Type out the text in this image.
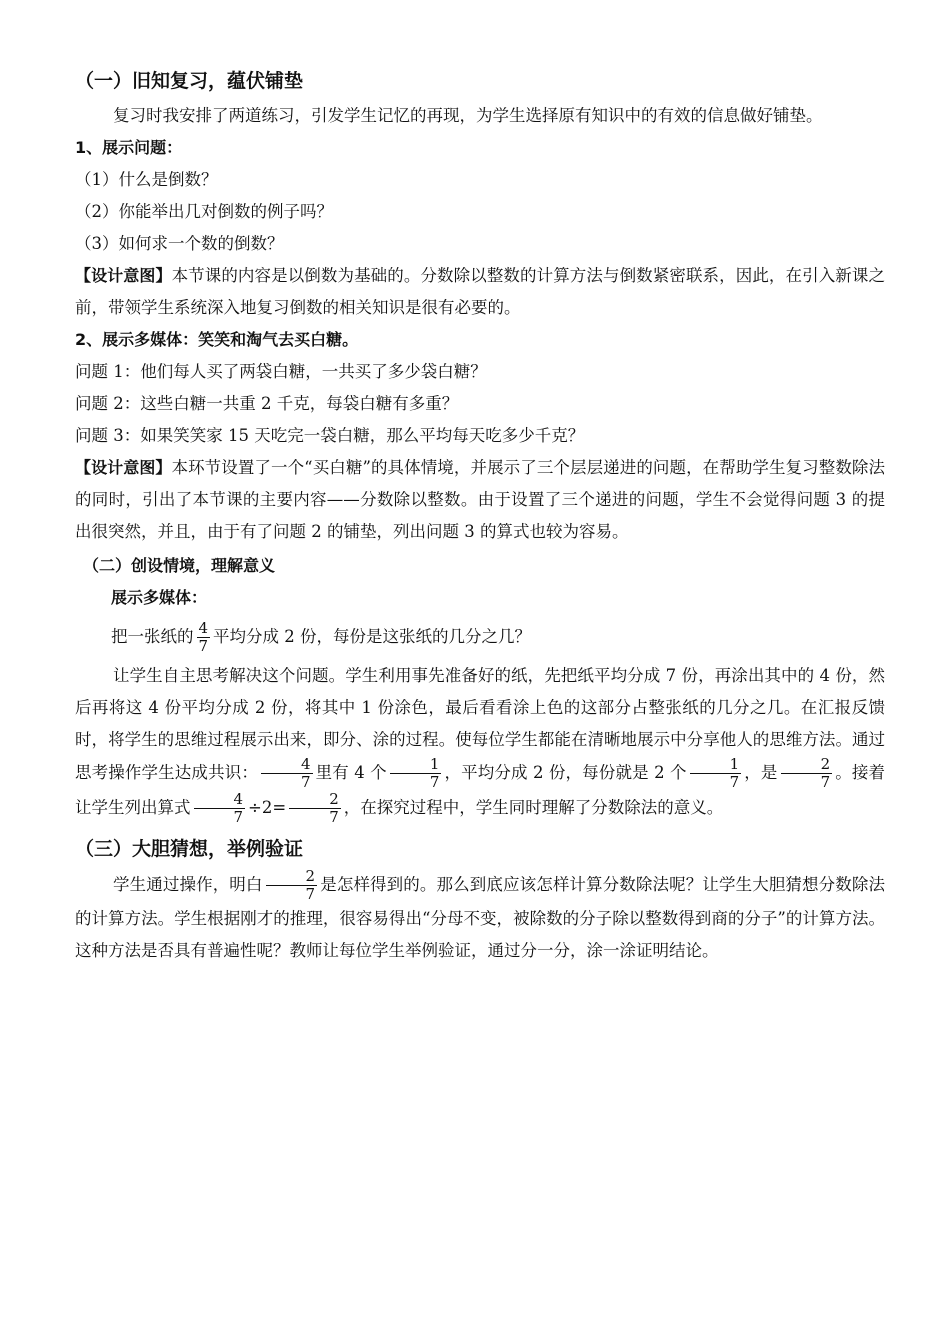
（一）旧知复习，蕴伏铺垫

复习时我安排了两道练习，引发学生记忆的再现，为学生选择原有知识中的有效的信息做好铺垫。

1、展示问题：

（1）什么是倒数？

（2）你能举出几对倒数的例子吗？

（3）如何求一个数的倒数？

【设计意图】本节课的内容是以倒数为基础的。分数除以整数的计算方法与倒数紧密联系，因此，在引入新课之前，带领学生系统深入地复习倒数的相关知识是很有必要的。

2、展示多媒体：笑笑和淘气去买白糖。

问题 1：他们每人买了两袋白糖，一共买了多少袋白糖？

问题 2：这些白糖一共重 2 千克，每袋白糖有多重？

问题 3：如果笑笑家 15 天吃完一袋白糖，那么平均每天吃多少千克？

【设计意图】本环节设置了一个“买白糖”的具体情境，并展示了三个层层递进的问题，在帮助学生复习整数除法的同时，引出了本节课的主要内容——分数除以整数。由于设置了三个递进的问题，学生不会觉得问题 3 的提出很突然，并且，由于有了问题 2 的铺垫，列出问题 3 的算式也较为容易。

（二）创设情境，理解意义

展示多媒体：

把一张纸的 $\frac{4}{7}$ 平均分成 2 份，每份是这张纸的几分之几？

让学生自主思考解决这个问题。学生利用事先准备好的纸，先把纸平均分成 7 份，再涂出其中的 4 份，然后再将这 4 份平均分成 2 份，将其中 1 份涂色，最后看看涂上色的这部分占整张纸的几分之几。在汇报反馈时，将学生的思维过程展示出来，即分、涂的过程。使每位学生都能在清晰地展示中分享他人的思维方法。通过思考操作学生达成共识： $\frac{4}{7}$ 里有 4 个 $\frac{1}{7}$ ，平均分成 2 份，每份就是 2 个 $\frac{1}{7}$ ，是 $\frac{2}{7}$ 。接着让学生列出算式 $\frac{4}{7} \div 2= \frac{2}{7}$ ，在探究过程中，学生同时理解了分数除法的意义。

（三）大胆猜想，举例验证

学生通过操作，明白 $\frac{2}{7}$ 是怎样得到的。那么到底应该怎样计算分数除法呢？让学生大胆猜想分数除法的计算方法。学生根据刚才的推理，很容易得出“分母不变，被除数的分子除以整数得到商的分子”的计算方法。这种方法是否具有普遍性呢？教师让每位学生举例验证，通过分一分，涂一涂证明结论。
